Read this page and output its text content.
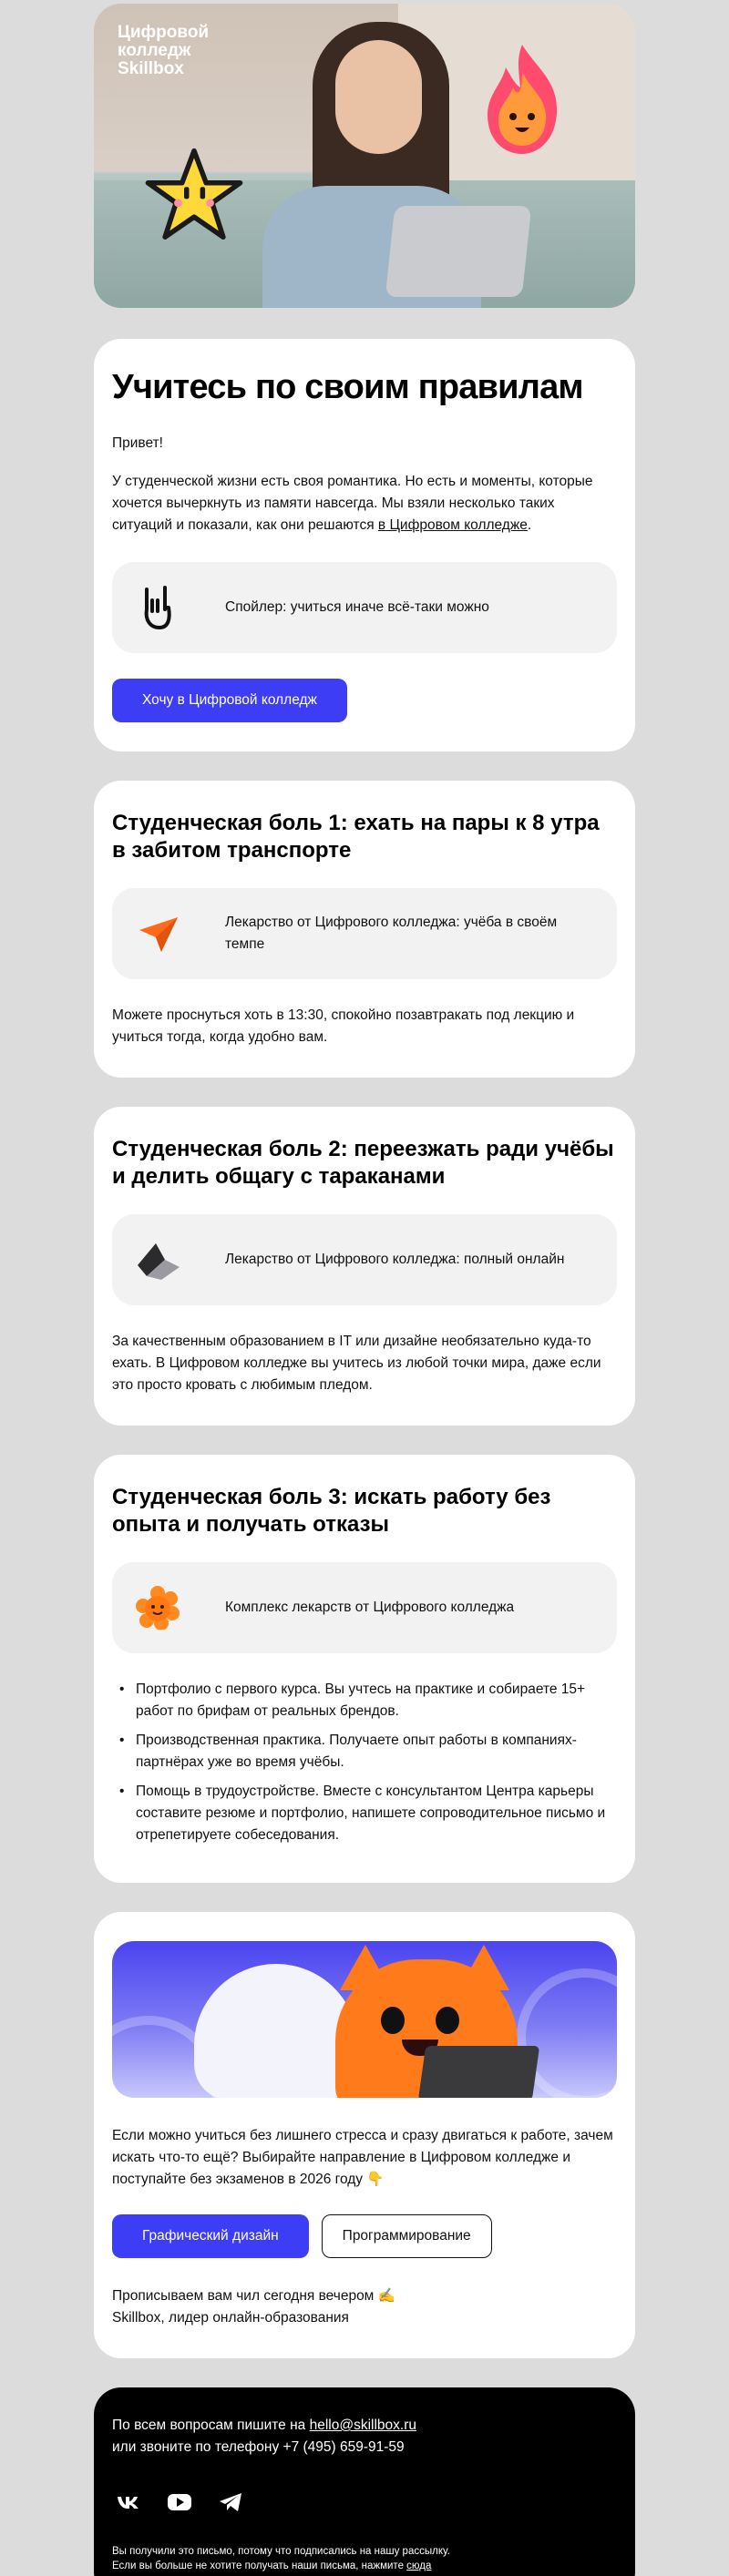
Цифровой
колледж
Skillbox
Учитесь по своим правилам

Привет!

У студенческой жизни есть своя романтика. Но есть и моменты, которые хочется вычеркнуть из памяти навсегда. Мы взяли несколько таких ситуаций и показали, как они решаются в Цифровом колледже.

Спойлер: учиться иначе всё-таки можно
Хочу в Цифровой колледж
Студенческая боль 1: ехать на пары к 8 утра в забитом транспорте
Лекарство от Цифрового колледжа: учёба в своём темпе

Можете проснуться хоть в 13:30, спокойно позавтракать под лекцию и учиться тогда, когда удобно вам.

Студенческая боль 2: переезжать ради учёбы и делить общагу с тараканами
Лекарство от Цифрового колледжа: полный онлайн

За качественным образованием в IT или дизайне необязательно куда-то ехать. В Цифровом колледже вы учитесь из любой точки мира, даже если это просто кровать с любимым пледом.

Студенческая боль 3: искать работу без опыта и получать отказы
Комплекс лекарств от Цифрового колледжа
• Портфолио с первого курса. Вы учтесь на практике и собираете 15+ работ по брифам от реальных брендов.
• Производственная практика. Получаете опыт работы в компаниях-партнёрах уже во время учёбы.
• Помощь в трудоустройстве. Вместе с консультантом Центра карьеры составите резюме и портфолио, напишете сопроводительное письмо и отрепетируете собеседования.

Если можно учиться без лишнего стресса и сразу двигаться к работе, зачем искать что-то ещё? Выбирайте направление в Цифровом колледже и поступайте без экзаменов в 2026 году 👇

Графический дизайн	Программирование

Прописываем вам чил сегодня вечером ✍️

Skillbox, лидер онлайн-образования

По всем вопросам пишите на hello@skillbox.ru

или звоните по телефону +7 (495) 659-91-59

Вы получили это письмо, потому что подписались на нашу рассылку.

Если вы больше не хотите получать наши письма, нажмите сюда
